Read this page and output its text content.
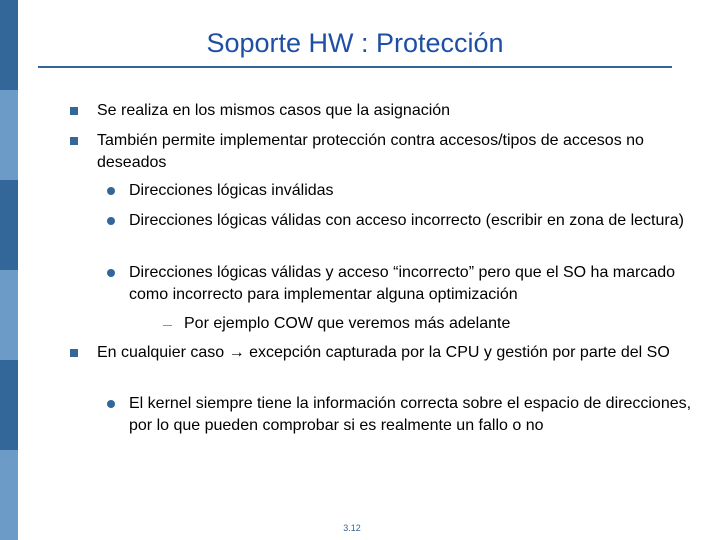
Soporte HW : Protección
Se realiza en los mismos casos que la asignación
También permite implementar protección contra accesos/tipos de accesos no deseados
Direcciones lógicas inválidas
Direcciones lógicas válidas con acceso incorrecto (escribir en zona de lectura)
Direcciones lógicas válidas y acceso “incorrecto” pero que el SO ha marcado como incorrecto para implementar alguna optimización
Por ejemplo COW que veremos más adelante
En cualquier caso → excepción capturada por la CPU y gestión por parte del SO
El kernel siempre tiene la información correcta sobre el espacio de direcciones, por lo que pueden comprobar si es realmente un fallo o no
3.12
